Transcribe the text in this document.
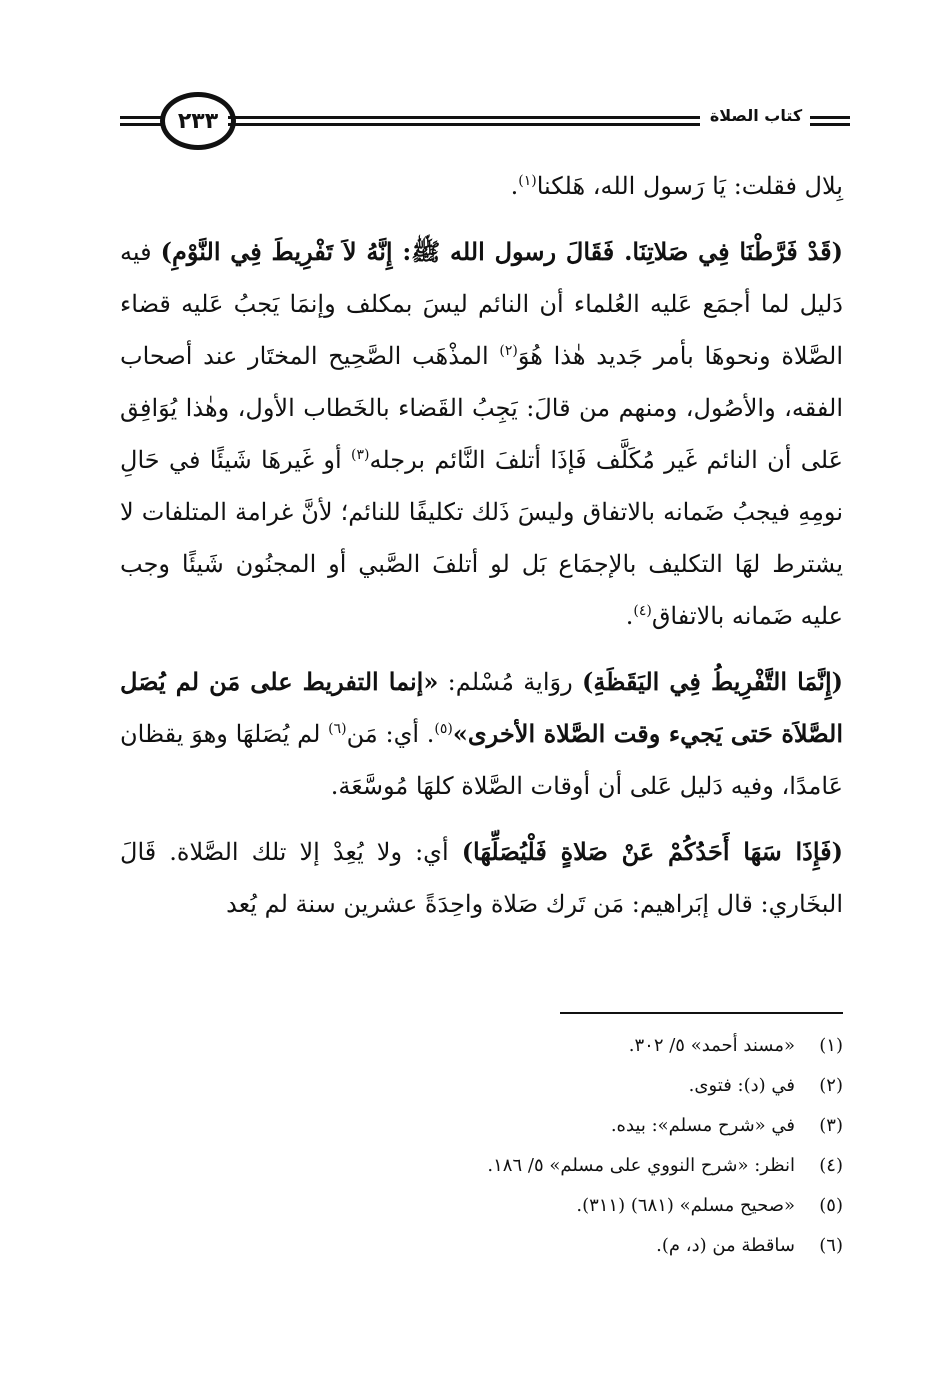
٢٣٣	كتاب الصلاة

بِلال فقلت: يَا رَسول الله، هَلكنا$^{(١)}$.

(قَدْ فَرَّطْنَا فِي صَلاتِنَا. فَقَالَ رسول الله ﷺ: إِنَّهُ لاَ تَفْرِيطَ فِي النَّوْمِ) فيه دَليل لما أجمَع عَليه العُلماء أن النائم ليسَ بمكلف وإنمَا يَجبُ عَليه قضاء الصَّلاة ونحوهَا بأمر جَديد هٰذا هُوَ$^{(٢)}$ المذْهَب الصَّحِيح المختَار عند أصحاب الفقه، والأصُول، ومنهم من قالَ: يَجِبُ القَضاء بالخَطاب الأول، وهٰذا يُوَافِق عَلى أن النائم غَير مُكَلَّف فَإذَا أتلفَ النَّائم برجله$^{(٣)}$ أو غَيرهَا شَيئًا في حَالِ نومِهِ فيجبُ ضَمانه بالاتفاق وليسَ ذَلك تكليفًا للنائم؛ لأنَّ غرامة المتلفات لا يشترط لهَا التكليف بالإجمَاع بَل لو أتلفَ الصَّبي أو المجنُون شَيئًا وجب عليه ضَمانه بالاتفاق$^{(٤)}$.

(إِنَّمَا التَّفْرِيطُ فِي اليَقَظَةِ) روَاية مُسْلم: «إنما التفريط على مَن لم يُصَل الصَّلاَة حَتى يَجيء وقت الصَّلاة الأخرى»$^{(٥)}$. أي: مَن$^{(٦)}$ لم يُصَلهَا وهوَ يقظان عَامدًا، وفيه دَليل عَلى أن أوقات الصَّلاة كلهَا مُوسَّعَة.

(فَإِذَا سَهَا أَحَدُكُمْ عَنْ صَلاةٍ فَلْيُصَلِّهَا) أي: ولا يُعِدْ إلا تلك الصَّلاة. قَالَ البخَاري: قال إبَراهيم: مَن تَرك صَلاة واحِدَةً عشرين سنة لم يُعد

(١)
«مسند أحمد» ٥/ ٣٠٢.
(٢)
في (د): فتوى.
(٣)
في «شرح مسلم»: بيده.
(٤)
انظر: «شرح النووي على مسلم» ٥/ ١٨٦.
(٥)
«صحيح مسلم» (٦٨١) (٣١١).
(٦)
ساقطة من (د، م).
